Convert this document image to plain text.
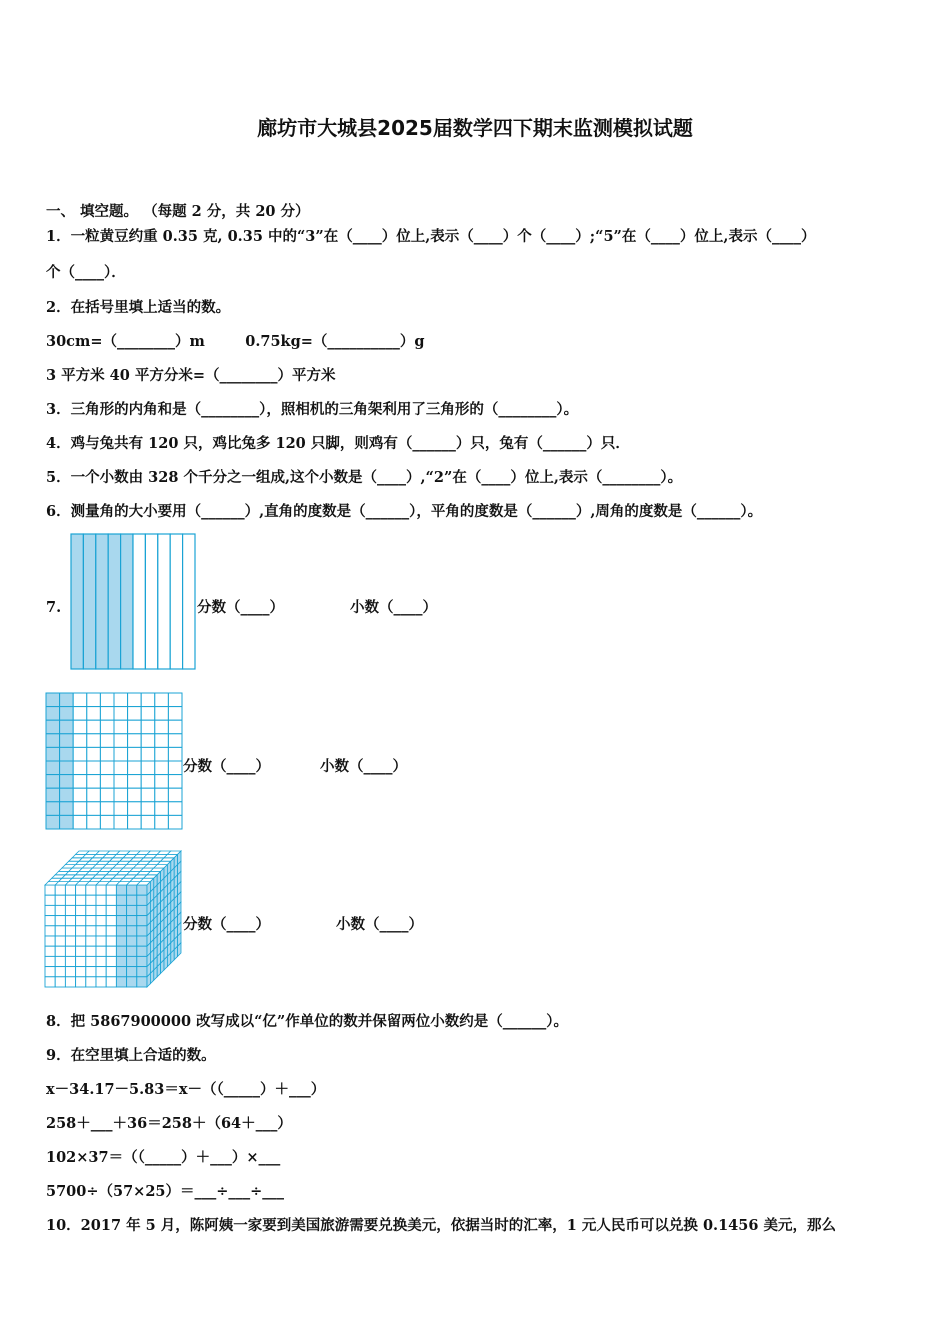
廊坊市大城县2025届数学四下期末监测模拟试题
一、 填空题。 （每题 2 分，共 20 分）
1．一粒黄豆约重 0.35 克, 0.35 中的“3”在（____）位上,表示（____）个（____）;“5”在（____）位上,表示（____）
个（____）．
2．在括号里填上适当的数。
30cm=（________）m        0.75kg=（__________）g
3 平方米 40 平方分米=（________）平方米
3．三角形的内角和是（________），照相机的三角架利用了三角形的（________）。
4．鸡与兔共有 120 只，鸡比兔多 120 只脚，则鸡有（______）只，兔有（______）只．
5．一个小数由 328 个千分之一组成,这个小数是（____）,“2”在（____）位上,表示（________）。
6．测量角的大小要用（______）,直角的度数是（______），平角的度数是（______）,周角的度数是（______）。
7.	分数（____）	小数（____）
分数（____）	小数（____）
分数（____）	小数（____）
8．把 5867900000 改写成以“亿”作单位的数并保留两位小数约是（______）。
9．在空里填上合适的数。
x－34.17－5.83＝x－（（_____）＋___）
258＋___＋36＝258＋（64＋___）
102×37＝（（_____）＋___）×___
5700÷（57×25）＝___÷___÷___
10．2017 年 5 月，陈阿姨一家要到美国旅游需要兑换美元，依据当时的汇率，1 元人民币可以兑换 0.1456 美元，那么
